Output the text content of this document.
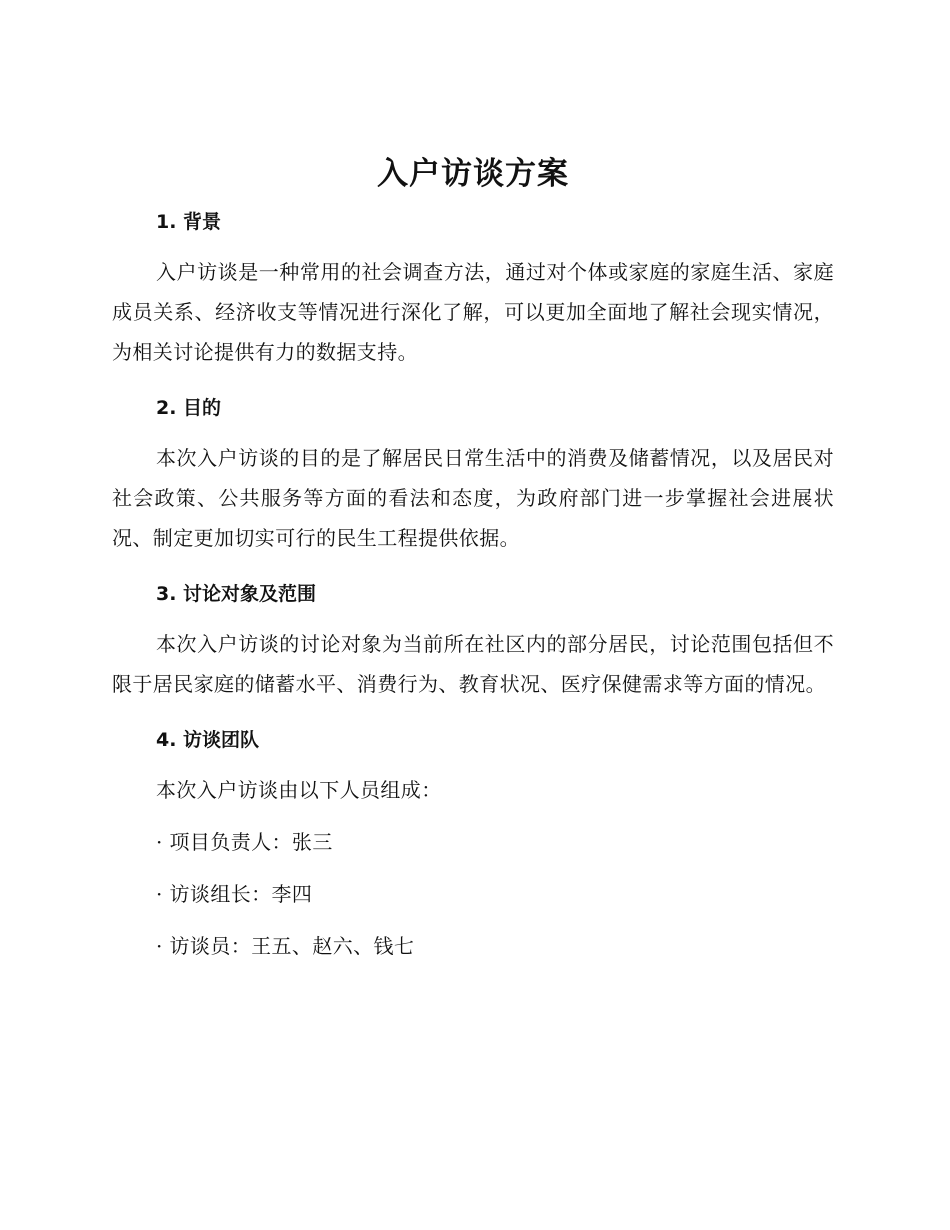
入户访谈方案
1. 背景

入户访谈是一种常用的社会调查方法，通过对个体或家庭的家庭生活、家庭成员关系、经济收支等情况进行深化了解，可以更加全面地了解社会现实情况，为相关讨论提供有力的数据支持。

2. 目的

本次入户访谈的目的是了解居民日常生活中的消费及储蓄情况，以及居民对社会政策、公共服务等方面的看法和态度，为政府部门进一步掌握社会进展状况、制定更加切实可行的民生工程提供依据。

3. 讨论对象及范围

本次入户访谈的讨论对象为当前所在社区内的部分居民，讨论范围包括但不限于居民家庭的储蓄水平、消费行为、教育状况、医疗保健需求等方面的情况。

4. 访谈团队

本次入户访谈由以下人员组成：

· 项目负责人：张三

· 访谈组长：李四

· 访谈员：王五、赵六、钱七
